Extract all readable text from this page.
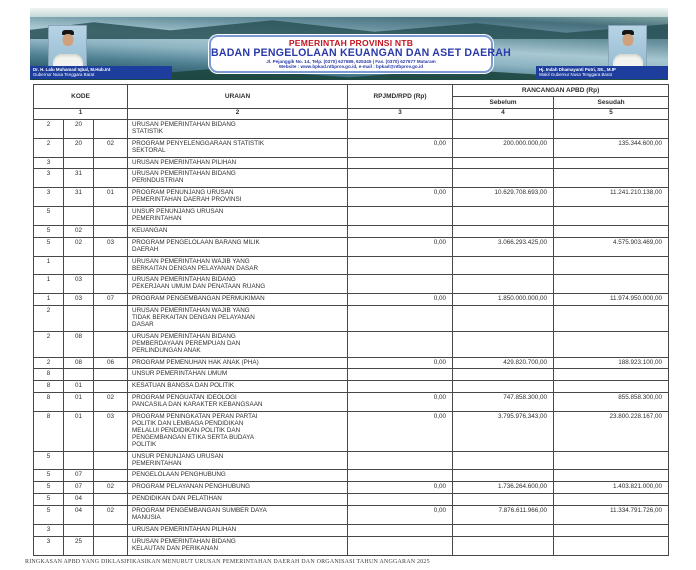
PEMERINTAH PROVINSI NTB
BADAN PENGELOLAAN KEUANGAN DAN ASET DAERAH
Jl. Pejanggik No. 14, Telp. (0370) 627689, 625345 | Fax. (0370) 627677 Mataram
Website : www.bpkad.ntbprov.go.id, e-mail : bpkad@ntbprov.go.id
Dr. H. Lalu Muhamad Iqbal, M.Hub.Int
Gubernur Nusa Tenggara Barat
Hj. Indah Dhamayanti Putri, SE., M.IP
Wakil Gubernur Nusa Tenggara Barat
KODE			URAIAN	RPJMD/RPD (Rp)	RANCANGAN APBD (Rp)	
					Sebelum	Sesudah
1			2	3	4	5
2	20		URUSAN PEMERINTAHAN BIDANG STATISTIK			

2	20	02	PROGRAM PENYELENGGARAAN STATISTIK SEKTORAL	0,00	200.000.000,00	135.344.600,00
3			URUSAN PEMERINTAHAN PILIHAN			

3	31		URUSAN PEMERINTAHAN BIDANG PERINDUSTRIAN			

3	31	01	PROGRAM PENUNJANG URUSAN PEMERINTAHAN DAERAH PROVINSI	0,00	10.629.708.693,00	11.241.210.138,00
5			UNSUR PENUNJANG URUSAN PEMERINTAHAN			

5	02		KEUANGAN			

5	02	03	PROGRAM PENGELOLAAN BARANG MILIK DAERAH	0,00	3.066.293.425,00	4.575.903.469,00
1			URUSAN PEMERINTAHAN WAJIB YANG BERKAITAN DENGAN PELAYANAN DASAR			

1	03		URUSAN PEMERINTAHAN BIDANG PEKERJAAN UMUM DAN PENATAAN RUANG			

1	03	07	PROGRAM PENGEMBANGAN PERMUKIMAN	0,00	1.850.000.000,00	11.974.950.000,00
2			URUSAN PEMERINTAHAN WAJIB YANG TIDAK BERKAITAN DENGAN PELAYANAN DASAR			

2	08		URUSAN PEMERINTAHAN BIDANG PEMBERDAYAAN PEREMPUAN DAN PERLINDUNGAN ANAK			

2	08	06	PROGRAM PEMENUHAN HAK ANAK (PHA)	0,00	429.820.700,00	188.923.100,00
8			UNSUR PEMERINTAHAN UMUM			

8	01		KESATUAN BANGSA DAN POLITIK			

8	01	02	PROGRAM PENGUATAN IDEOLOGI PANCASILA DAN KARAKTER KEBANGSAAN	0,00	747.858.300,00	855.858.300,00
8	01	03	PROGRAM PENINGKATAN PERAN PARTAI POLITIK DAN LEMBAGA PENDIDIKAN MELALUI PENDIDIKAN POLITIK DAN PENGEMBANGAN ETIKA SERTA BUDAYA POLITIK	0,00	3.795.976.343,00	23.800.228.167,00
5			UNSUR PENUNJANG URUSAN PEMERINTAHAN			

5	07		PENGELOLAAN PENGHUBUNG			

5	07	02	PROGRAM PELAYANAN PENGHUBUNG	0,00	1.736.264.600,00	1.403.821.000,00
5	04		PENDIDIKAN DAN PELATIHAN			

5	04	02	PROGRAM PENGEMBANGAN SUMBER DAYA MANUSIA	0,00	7.876.611.966,00	11.334.791.726,00
3			URUSAN PEMERINTAHAN PILIHAN			

3	25		URUSAN PEMERINTAHAN BIDANG KELAUTAN DAN PERIKANAN			

RINGKASAN APBD YANG DIKLASIFIKASIKAN MENURUT URUSAN PEMERINTAHAN DAERAH DAN ORGANISASI TAHUN ANGGARAN 2025
